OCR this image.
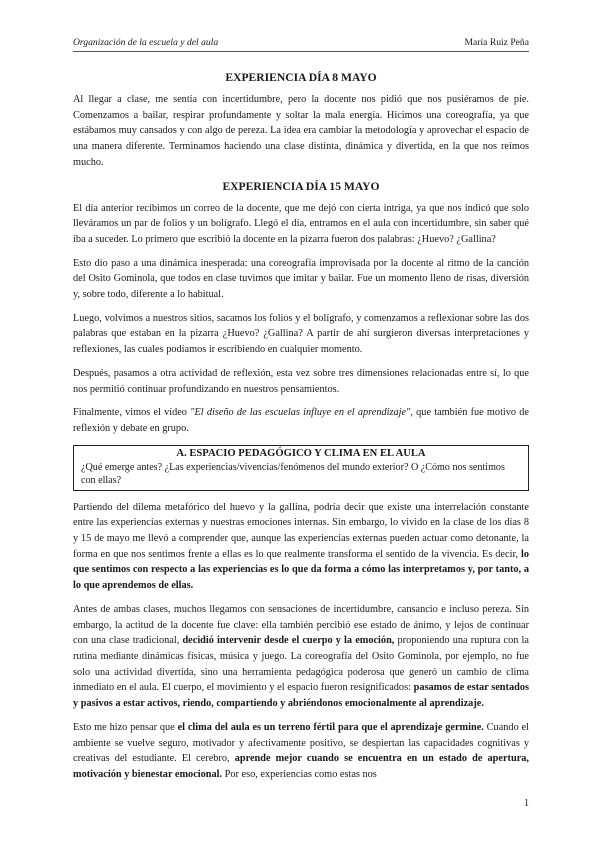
Organización de la escuela y del aula	María Ruiz Peña
EXPERIENCIA DÍA 8 MAYO

Al llegar a clase, me sentía con incertidumbre, pero la docente nos pidió que nos pusiéramos de pie. Comenzamos a bailar, respirar profundamente y soltar la mala energía. Hicimos una coreografía, ya que estábamos muy cansados y con algo de pereza. La idea era cambiar la metodología y aprovechar el espacio de una manera diferente. Terminamos haciendo una clase distinta, dinámica y divertida, en la que nos reímos mucho.

EXPERIENCIA DÍA 15 MAYO

El día anterior recibimos un correo de la docente, que me dejó con cierta intriga, ya que nos indicó que solo lleváramos un par de folios y un bolígrafo. Llegó el día, entramos en el aula con incertidumbre, sin saber qué iba a suceder. Lo primero que escribió la docente en la pizarra fueron dos palabras: ¿Huevo? ¿Gallina?

Esto dio paso a una dinámica inesperada: una coreografía improvisada por la docente al ritmo de la canción del Osito Gominola, que todos en clase tuvimos que imitar y bailar. Fue un momento lleno de risas, diversión y, sobre todo, diferente a lo habitual.

Luego, volvimos a nuestros sitios, sacamos los folios y el bolígrafo, y comenzamos a reflexionar sobre las dos palabras que estaban en la pizarra ¿Huevo? ¿Gallina? A partir de ahí surgieron diversas interpretaciones y reflexiones, las cuales podíamos ir escribiendo en cualquier momento.

Después, pasamos a otra actividad de reflexión, esta vez sobre tres dimensiones relacionadas entre sí, lo que nos permitió continuar profundizando en nuestros pensamientos.

Finalmente, vimos el vídeo "El diseño de las escuelas influye en el aprendizaje", que también fue motivo de reflexión y debate en grupo.

A. ESPACIO PEDAGÓGICO Y CLIMA EN EL AULA
¿Qué emerge antes? ¿Las experiencias/vivencias/fenómenos del mundo exterior? O ¿Cómo nos sentimos con ellas?

Partiendo del dilema metafórico del huevo y la gallina, podría decir que existe una interrelación constante entre las experiencias externas y nuestras emociones internas. Sin embargo, lo vivido en la clase de los días 8 y 15 de mayo me llevó a comprender que, aunque las experiencias externas pueden actuar como detonante, la forma en que nos sentimos frente a ellas es lo que realmente transforma el sentido de la vivencia. Es decir, lo que sentimos con respecto a las experiencias es lo que da forma a cómo las interpretamos y, por tanto, a lo que aprendemos de ellas.

Antes de ambas clases, muchos llegamos con sensaciones de incertidumbre, cansancio e incluso pereza. Sin embargo, la actitud de la docente fue clave: ella también percibió ese estado de ánimo, y lejos de continuar con una clase tradicional, decidió intervenir desde el cuerpo y la emoción, proponiendo una ruptura con la rutina mediante dinámicas físicas, música y juego. La coreografía del Osito Gominola, por ejemplo, no fue solo una actividad divertida, sino una herramienta pedagógica poderosa que generó un cambio de clima inmediato en el aula. El cuerpo, el movimiento y el espacio fueron resignificados: pasamos de estar sentados y pasivos a estar activos, riendo, compartiendo y abriéndonos emocionalmente al aprendizaje.

Esto me hizo pensar que el clima del aula es un terreno fértil para que el aprendizaje germine. Cuando el ambiente se vuelve seguro, motivador y afectivamente positivo, se despiertan las capacidades cognitivas y creativas del estudiante. El cerebro, aprende mejor cuando se encuentra en un estado de apertura, motivación y bienestar emocional. Por eso, experiencias como estas nos

1
